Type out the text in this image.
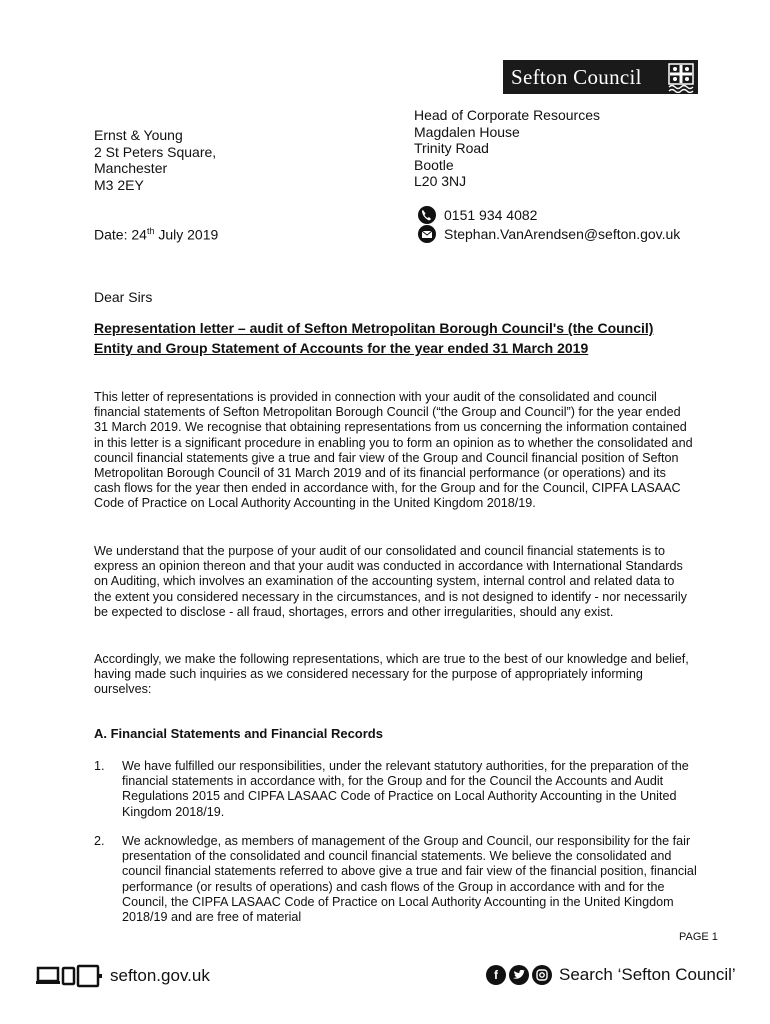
Sefton Council
Head of Corporate Resources
Magdalen House
Trinity Road
Bootle
L20 3NJ
Ernst & Young
2 St Peters Square,
Manchester
M3 2EY
0151 934 4082
Stephan.VanArendsen@sefton.gov.uk
Date: 24th July 2019
Dear Sirs
Representation letter – audit of Sefton Metropolitan Borough Council's (the Council) Entity and Group Statement of Accounts for the year ended 31 March 2019
This letter of representations is provided in connection with your audit of the consolidated and council financial statements of Sefton Metropolitan Borough Council (“the Group and Council”) for the year ended 31 March 2019. We recognise that obtaining representations from us concerning the information contained in this letter is a significant procedure in enabling you to form an opinion as to whether the consolidated and council financial statements give a true and fair view of the Group and Council financial position of Sefton Metropolitan Borough Council of 31 March 2019 and of its financial performance (or operations) and its cash flows for the year then ended in accordance with, for the Group and for the Council, CIPFA LASAAC Code of Practice on Local Authority Accounting in the United Kingdom 2018/19.
We understand that the purpose of your audit of our consolidated and council financial statements is to express an opinion thereon and that your audit was conducted in accordance with International Standards on Auditing, which involves an examination of the accounting system, internal control and related data to the extent you considered necessary in the circumstances, and is not designed to identify - nor necessarily be expected to disclose - all fraud, shortages, errors and other irregularities, should any exist.
Accordingly, we make the following representations, which are true to the best of our knowledge and belief, having made such inquiries as we considered necessary for the purpose of appropriately informing ourselves:
A. Financial Statements and Financial Records
1.	We have fulfilled our responsibilities, under the relevant statutory authorities, for the preparation of the financial statements in accordance with, for the Group and for the Council the Accounts and Audit Regulations 2015 and CIPFA LASAAC Code of Practice on Local Authority Accounting in the United Kingdom 2018/19.
2.	We acknowledge, as members of management of the Group and Council, our responsibility for the fair presentation of the consolidated and council financial statements. We believe the consolidated and council financial statements referred to above give a true and fair view of the financial position, financial performance (or results of operations) and cash flows of the Group in accordance with and for the Council, the CIPFA LASAAC Code of Practice on Local Authority Accounting in the United Kingdom 2018/19 and are free of material
PAGE 1
sefton.gov.uk	f	Search ‘Sefton Council’
